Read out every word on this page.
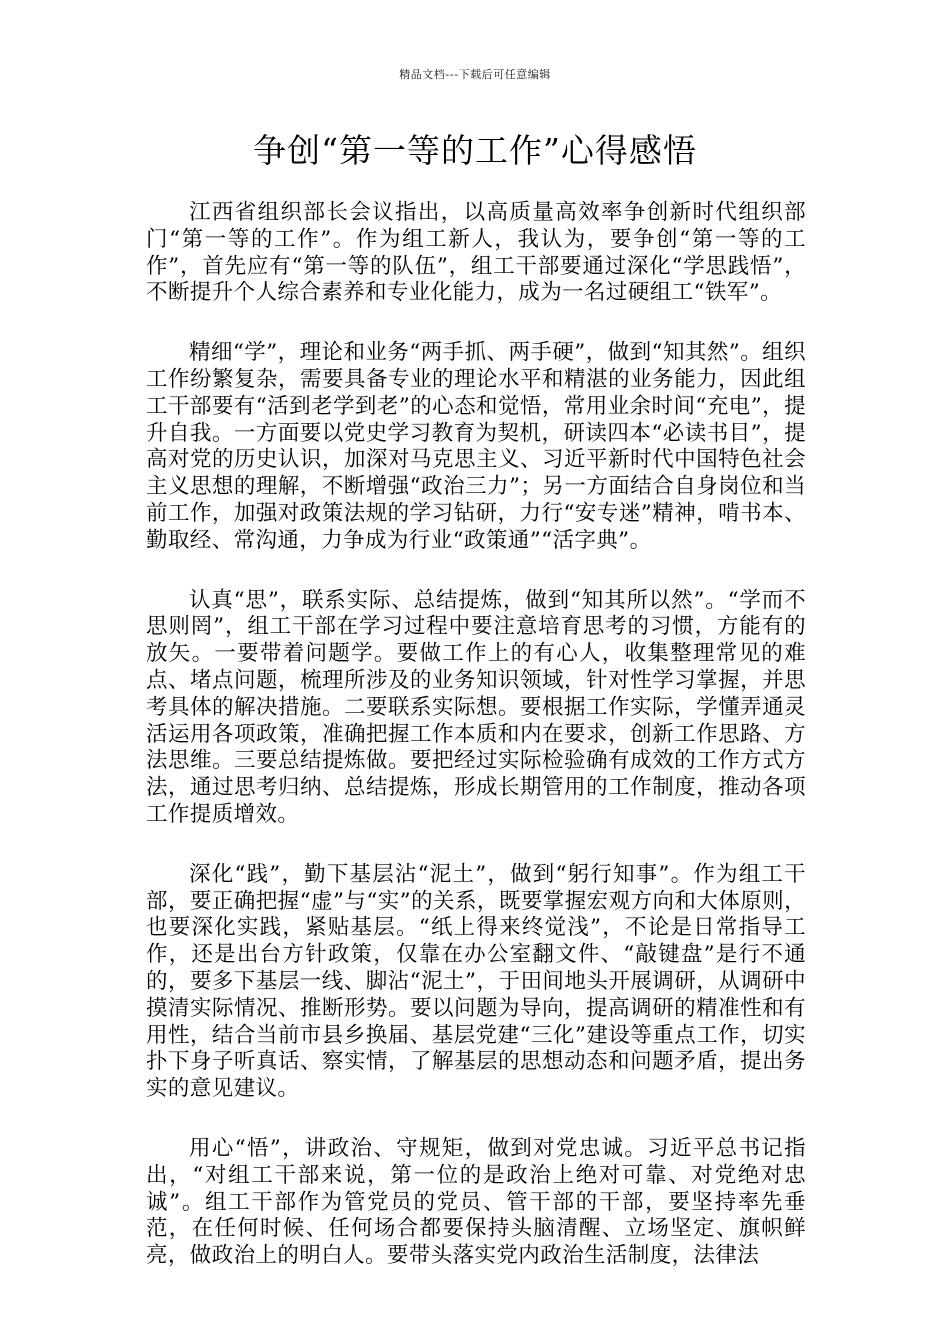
精品文档---下载后可任意编辑
争创“第一等的工作”心得感悟

江西省组织部长会议指出，以高质量高效率争创新时代组织部门“第一等的工作”。作为组工新人，我认为，要争创“第一等的工作”，首先应有“第一等的队伍”，组工干部要通过深化“学思践悟”，不断提升个人综合素养和专业化能力，成为一名过硬组工“铁军”。

精细“学”，理论和业务“两手抓、两手硬”，做到“知其然”。组织工作纷繁复杂，需要具备专业的理论水平和精湛的业务能力，因此组工干部要有“活到老学到老”的心态和觉悟，常用业余时间“充电”，提升自我。一方面要以党史学习教育为契机，研读四本“必读书目”，提高对党的历史认识，加深对马克思主义、习近平新时代中国特色社会主义思想的理解，不断增强“政治三力”；另一方面结合自身岗位和当前工作，加强对政策法规的学习钻研，力行“安专迷”精神，啃书本、勤取经、常沟通，力争成为行业“政策通”“活字典”。

认真“思”，联系实际、总结提炼，做到“知其所以然”。“学而不思则罔”，组工干部在学习过程中要注意培育思考的习惯，方能有的放矢。一要带着问题学。要做工作上的有心人，收集整理常见的难点、堵点问题，梳理所涉及的业务知识领域，针对性学习掌握，并思考具体的解决措施。二要联系实际想。要根据工作实际，学懂弄通灵活运用各项政策，准确把握工作本质和内在要求，创新工作思路、方法思维。三要总结提炼做。要把经过实际检验确有成效的工作方式方法，通过思考归纳、总结提炼，形成长期管用的工作制度，推动各项工作提质增效。

深化“践”，勤下基层沾“泥土”，做到“躬行知事”。作为组工干部，要正确把握“虚”与“实”的关系，既要掌握宏观方向和大体原则，也要深化实践，紧贴基层。“纸上得来终觉浅”，不论是日常指导工作，还是出台方针政策，仅靠在办公室翻文件、“敲键盘”是行不通的，要多下基层一线、脚沾“泥土”，于田间地头开展调研，从调研中摸清实际情况、推断形势。要以问题为导向，提高调研的精准性和有用性，结合当前市县乡换届、基层党建“三化”建设等重点工作，切实扑下身子听真话、察实情，了解基层的思想动态和问题矛盾，提出务实的意见建议。

用心“悟”，讲政治、守规矩，做到对党忠诚。习近平总书记指出，“对组工干部来说，第一位的是政治上绝对可靠、对党绝对忠诚”。组工干部作为管党员的党员、管干部的干部，要坚持率先垂范，在任何时候、任何场合都要保持头脑清醒、立场坚定、旗帜鲜亮，做政治上的明白人。要带头落实党内政治生活制度，法律法
